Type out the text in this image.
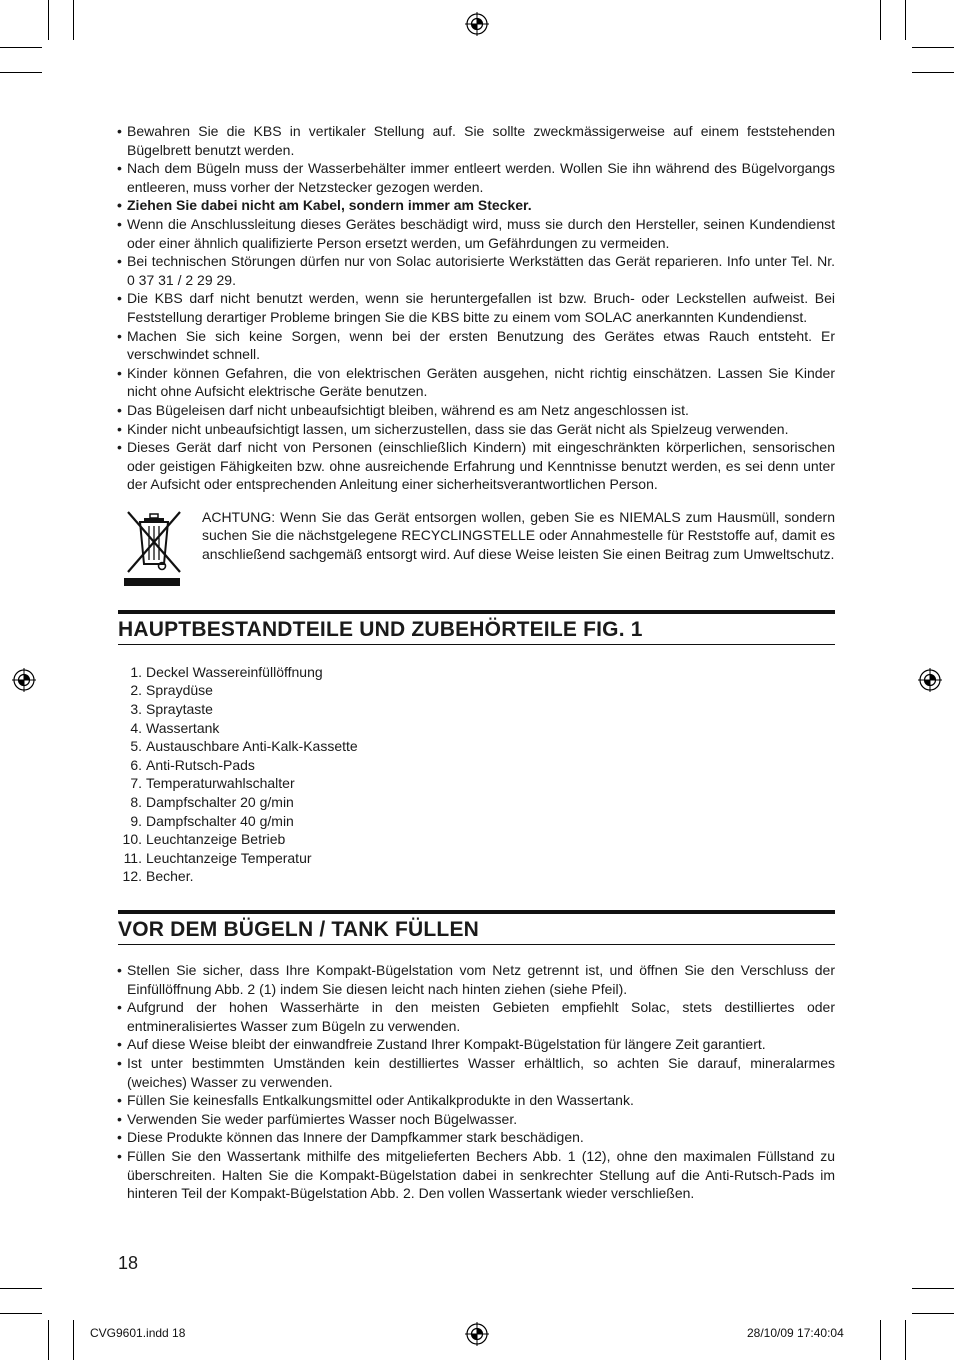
• Bewahren Sie die KBS in vertikaler Stellung auf. Sie sollte zweckmässigerweise auf einem feststehenden Bügelbrett benutzt werden.
• Nach dem Bügeln muss der Wasserbehälter immer entleert werden. Wollen Sie ihn während des Bügelvorgangs entleeren, muss vorher der Netzstecker gezogen werden.
• Ziehen Sie dabei nicht am Kabel, sondern immer am Stecker.
• Wenn die Anschlussleitung dieses Gerätes beschädigt wird, muss sie durch den Hersteller, seinen Kundendienst oder einer ähnlich qualifizierte Person ersetzt werden, um Gefährdungen zu vermeiden.
• Bei technischen Störungen dürfen nur von Solac autorisierte Werkstätten das Gerät reparieren. Info unter Tel. Nr. 0 37 31 / 2 29 29.
• Die KBS darf nicht benutzt werden, wenn sie heruntergefallen ist bzw. Bruch- oder Leckstellen aufweist. Bei Feststellung derartiger Probleme bringen Sie die KBS bitte zu einem vom SOLAC anerkannten Kundendienst.
• Machen Sie sich keine Sorgen, wenn bei der ersten Benutzung des Gerätes etwas Rauch entsteht. Er verschwindet schnell.
• Kinder können Gefahren, die von elektrischen Geräten ausgehen, nicht richtig einschätzen. Lassen Sie Kinder nicht ohne Aufsicht elektrische Geräte benutzen.
• Das Bügeleisen darf nicht unbeaufsichtigt bleiben, während es am Netz angeschlossen ist.
• Kinder nicht unbeaufsichtigt lassen, um sicherzustellen, dass sie das Gerät nicht als Spielzeug verwenden.
• Dieses Gerät darf nicht von Personen (einschließlich Kindern) mit eingeschränkten körperlichen, sensorischen oder geistigen Fähigkeiten bzw. ohne ausreichende Erfahrung und Kenntnisse benutzt werden, es sei denn unter der Aufsicht oder entsprechenden Anleitung einer sicherheitsverantwortlichen Person.
ACHTUNG: Wenn Sie das Gerät entsorgen wollen, geben Sie es NIEMALS zum Hausmüll, sondern suchen Sie die nächstgelegene RECYCLINGSTELLE oder Annahmestelle für Reststoffe auf, damit es anschließend sachgemäß entsorgt wird. Auf diese Weise leisten Sie einen Beitrag zum Umweltschutz.
HAUPTBESTANDTEILE UND ZUBEHÖRTEILE FIG. 1
1. Deckel Wassereinfüllöffnung
2. Spraydüse
3. Spraytaste
4. Wassertank
5. Austauschbare Anti-Kalk-Kassette
6. Anti-Rutsch-Pads
7. Temperaturwahlschalter
8. Dampfschalter 20 g/min
9. Dampfschalter 40 g/min
10. Leuchtanzeige Betrieb
11. Leuchtanzeige Temperatur
12. Becher.
VOR DEM BÜGELN / TANK FÜLLEN
• Stellen Sie sicher, dass Ihre Kompakt-Bügelstation vom Netz getrennt ist, und öffnen Sie den Verschluss der Einfüllöffnung Abb. 2 (1) indem Sie diesen leicht nach hinten ziehen (siehe Pfeil).
• Aufgrund der hohen Wasserhärte in den meisten Gebieten empfiehlt Solac, stets destilliertes oder entmineralisiertes Wasser zum Bügeln zu verwenden.
• Auf diese Weise bleibt der einwandfreie Zustand Ihrer Kompakt-Bügelstation für längere Zeit garantiert.
• Ist unter bestimmten Umständen kein destilliertes Wasser erhältlich, so achten Sie darauf, mineralarmes (weiches) Wasser zu verwenden.
• Füllen Sie keinesfalls Entkalkungsmittel oder Antikalkprodukte in den Wassertank.
• Verwenden Sie weder parfümiertes Wasser noch Bügelwasser.
• Diese Produkte können das Innere der Dampfkammer stark beschädigen.
• Füllen Sie den Wassertank mithilfe des mitgelieferten Bechers Abb. 1 (12), ohne den maximalen Füllstand zu überschreiten. Halten Sie die Kompakt-Bügelstation dabei in senkrechter Stellung auf die Anti-Rutsch-Pads im hinteren Teil der Kompakt-Bügelstation Abb. 2. Den vollen Wassertank wieder verschließen.
18
CVG9601.indd 18	28/10/09 17:40:04
